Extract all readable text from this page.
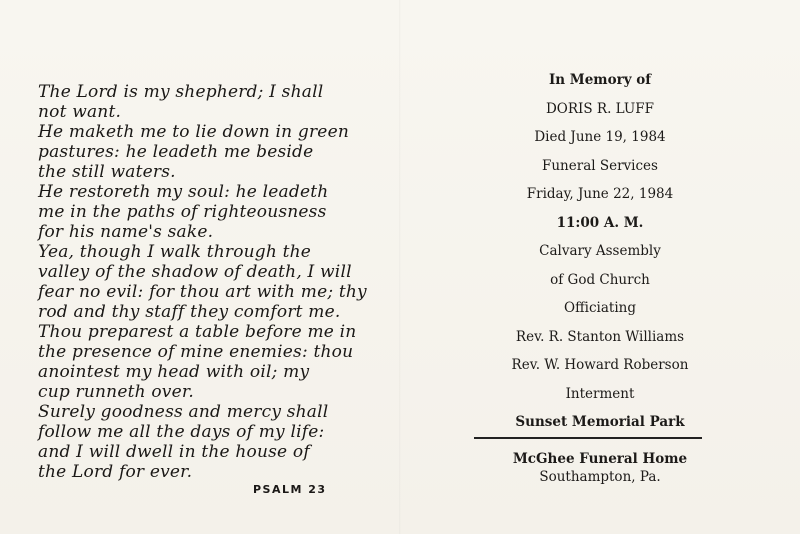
The Lord is my shepherd; I shall
not want.
He maketh me to lie down in green
pastures: he leadeth me beside
the still waters.
He restoreth my soul: he leadeth
me in the paths of righteousness
for his name's sake.
Yea, though I walk through the
valley of the shadow of death, I will
fear no evil: for thou art with me; thy
rod and thy staff they comfort me.
Thou preparest a table before me in
the presence of mine enemies: thou
anointest my head with oil; my
cup runneth over.
Surely goodness and mercy shall
follow me all the days of my life:
and I will dwell in the house of
the Lord for ever.
PSALM 23
In Memory of
DORIS R. LUFF
Died June 19, 1984
Funeral Services
Friday, June 22, 1984
11:00 A. M.
Calvary Assembly
of God Church
Officiating
Rev. R. Stanton Williams
Rev. W. Howard Roberson
Interment
Sunset Memorial Park
McGhee Funeral Home
Southampton, Pa.
